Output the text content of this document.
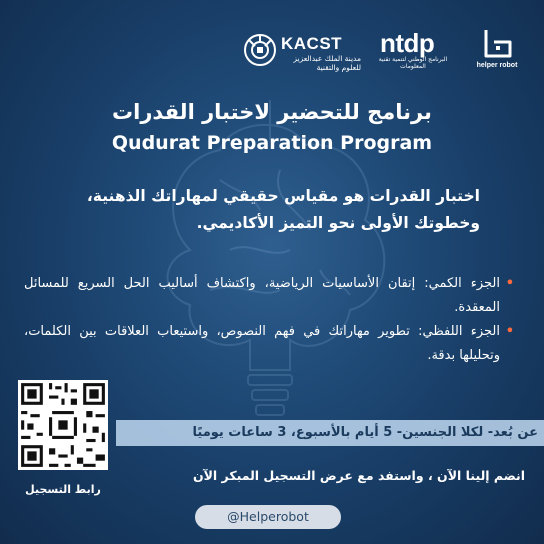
KACST
مدينة الملك عبدالعزيز للعلوم والتقنية
ntdp
البرنامج الوطني لتنمية تقنية المعلومات	helper robot
برنامج للتحضير لاختبار القدرات
Qudurat Preparation Program
اختبار القدرات هو مقياس حقيقي لمهاراتك الذهنية،
وخطوتك الأولى نحو التميز الأكاديمي.
• الجزء الكمي: إتقان الأساسيات الرياضية، واكتشاف أساليب الحل السريع للمسائل المعقدة.
• الجزء اللفظي: تطوير مهاراتك في فهم النصوص، واستيعاب العلاقات بين الكلمات، وتحليلها بدقة.
عن بُعد- لكلا الجنسين- 5 أيام بالأسبوع، 3 ساعات يوميًا
رابط التسجيل
انضم إلينا الآن ، واستفد مع عرض التسجيل المبكر الآن
@Helperobot
